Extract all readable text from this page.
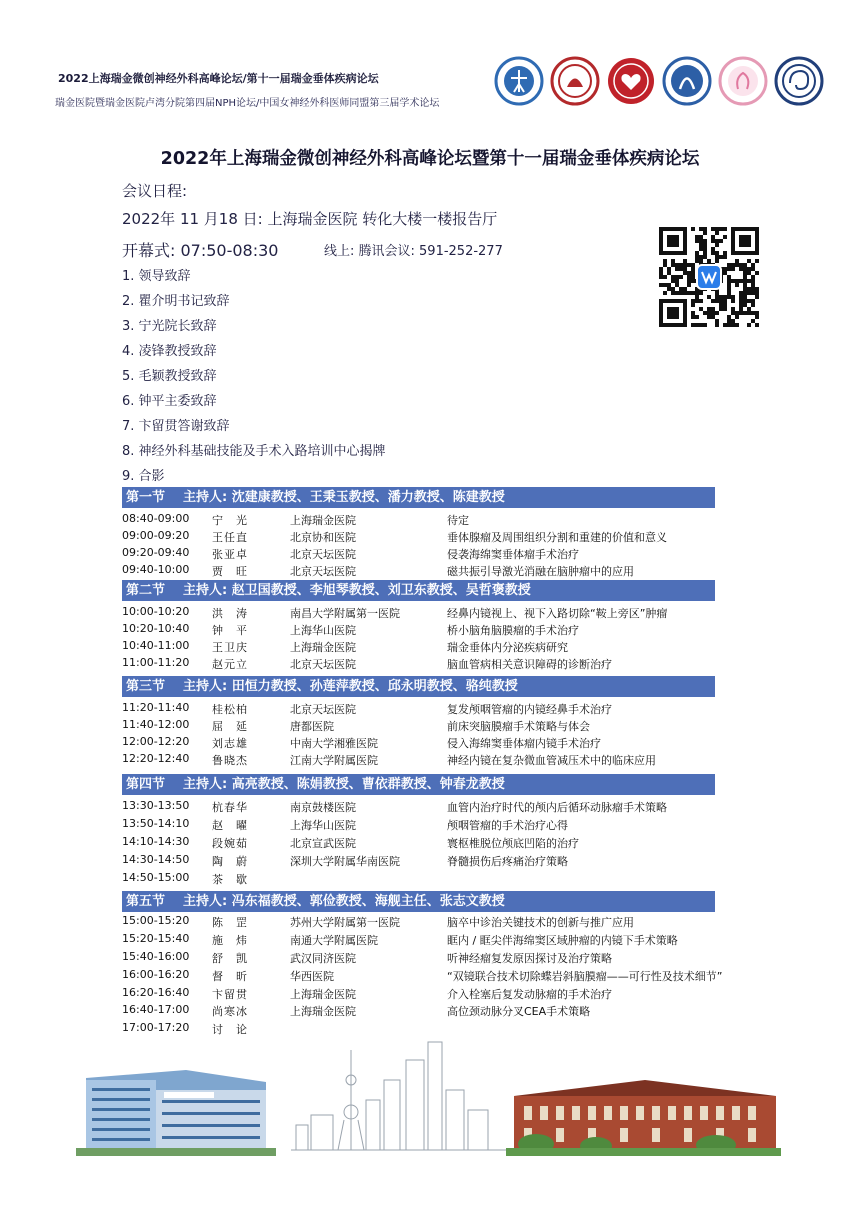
2022上海瑞金微创神经外科高峰论坛/第十一届瑞金垂体疾病论坛
瑞金医院暨瑞金医院卢湾分院第四届NPH论坛/中国女神经外科医师同盟第三届学术论坛
2022年上海瑞金微创神经外科高峰论坛暨第十一届瑞金垂体疾病论坛
会议日程:
2022年 11 月18 日: 上海瑞金医院 转化大楼一楼报告厅
开幕式: 07:50-08:30	线上: 腾讯会议: 591-252-277
1. 领导致辞
2. 瞿介明书记致辞
3. 宁光院长致辞
4. 凌锋教授致辞
5. 毛颖教授致辞
6. 钟平主委致辞
7. 卞留贯答谢致辞
8. 神经外科基础技能及手术入路培训中心揭牌
9. 合影
第一节 主持人: 沈建康教授、王秉玉教授、潘力教授、陈建教授
08:40-09:00 宁　光	上海瑞金医院	待定
09:00-09:20 王任直	北京协和医院	垂体腺瘤及周围组织分割和重建的价值和意义
09:20-09:40 张亚卓	北京天坛医院	侵袭海绵窦垂体瘤手术治疗
09:40-10:00 贾　旺	北京天坛医院	磁共振引导激光消融在脑肿瘤中的应用
第二节 主持人: 赵卫国教授、李旭琴教授、刘卫东教授、吴哲褒教授
10:00-10:20 洪　涛	南昌大学附属第一医院	经鼻内镜视上、视下入路切除“鞍上旁区”肿瘤
10:20-10:40 钟　平	上海华山医院	桥小脑角脑膜瘤的手术治疗
10:40-11:00 王卫庆	上海瑞金医院	瑞金垂体内分泌疾病研究
11:00-11:20 赵元立	北京天坛医院	脑血管病相关意识障碍的诊断治疗
第三节 主持人: 田恒力教授、孙莲萍教授、邱永明教授、骆纯教授
11:20-11:40 桂松柏	北京天坛医院	复发颅咽管瘤的内镜经鼻手术治疗
11:40-12:00 屈　延	唐都医院	前床突脑膜瘤手术策略与体会
12:00-12:20 刘志雄	中南大学湘雅医院	侵入海绵窦垂体瘤内镜手术治疗
12:20-12:40 鲁晓杰	江南大学附属医院	神经内镜在复杂微血管减压术中的临床应用
第四节 主持人: 高亮教授、陈娟教授、曹依群教授、钟春龙教授
13:30-13:50 杭春华	南京鼓楼医院	血管内治疗时代的颅内后循环动脉瘤手术策略
13:50-14:10 赵　曜	上海华山医院	颅咽管瘤的手术治疗心得
14:10-14:30 段婉茹	北京宣武医院	寰枢椎脱位颅底凹陷的治疗
14:30-14:50 陶　蔚	深圳大学附属华南医院	脊髓损伤后疼痛治疗策略
14:50-15:00 茶　歇
第五节 主持人: 冯东福教授、郭俭教授、海舰主任、张志文教授
15:00-15:20 陈　罡	苏州大学附属第一医院	脑卒中诊治关键技术的创新与推广应用
15:20-15:40 施　炜	南通大学附属医院	眶内 / 眶尖伴海绵窦区域肿瘤的内镜下手术策略
15:40-16:00 舒　凯	武汉同济医院	听神经瘤复发原因探讨及治疗策略
16:00-16:20 督　昕	华西医院	“双镜联合技术切除蝶岩斜脑膜瘤——可行性及技术细节”
16:20-16:40 卞留贯	上海瑞金医院	介入栓塞后复发动脉瘤的手术治疗
16:40-17:00 尚寒冰	上海瑞金医院	高位颈动脉分叉CEA手术策略
17:00-17:20 讨　论
